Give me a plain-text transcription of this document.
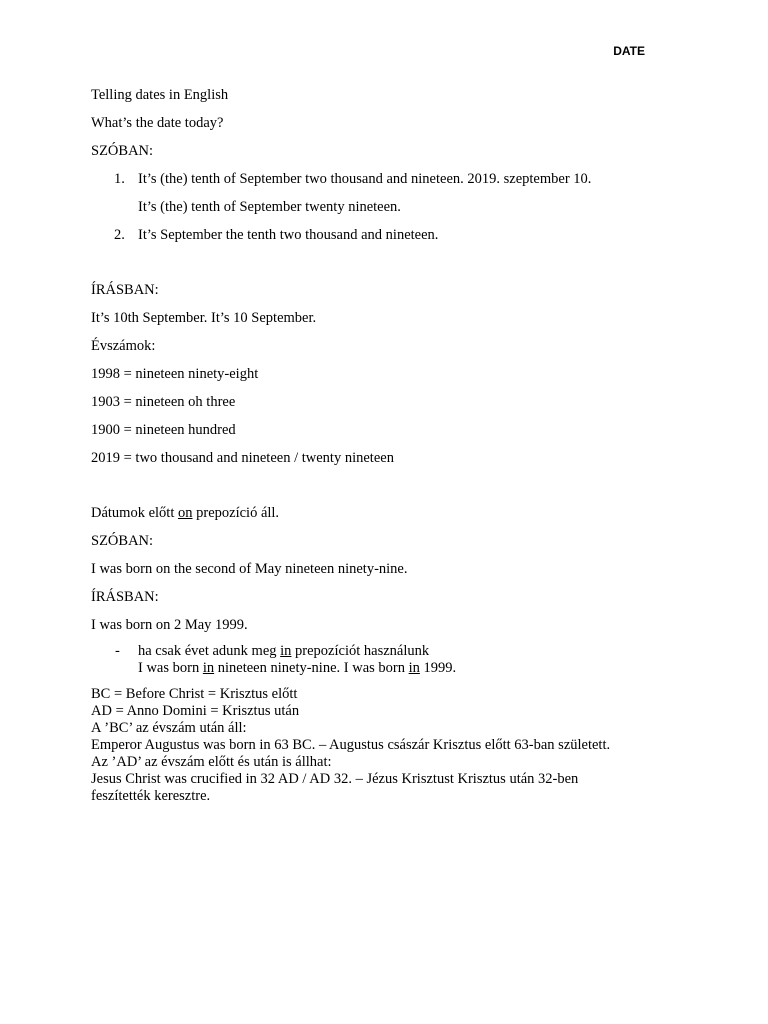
DATE

Telling dates in English

What’s the date today?

SZÓBAN:

1. It’s (the) tenth of September two thousand and nineteen. 2019. szeptember 10.

It’s (the) tenth of September twenty nineteen.

2. It’s September the tenth two thousand and nineteen.

ÍRÁSBAN:

It’s 10th September. It’s 10 September.

Évszámok:

1998 = nineteen ninety-eight

1903 = nineteen oh three

1900 = nineteen hundred

2019 = two thousand and nineteen / twenty nineteen

Dátumok előtt on prepozíció áll.

SZÓBAN:

I was born on the second of May nineteen ninety-nine.

ÍRÁSBAN:

I was born on 2 May 1999.

- ha csak évet adunk meg in prepozíciót használunk

I was born in nineteen ninety-nine. I was born in 1999.

BC = Before Christ = Krisztus előtt

AD = Anno Domini = Krisztus után

A ’BC’ az évszám után áll:

Emperor Augustus was born in 63 BC. – Augustus császár Krisztus előtt 63-ban született.

Az ’AD’ az évszám előtt és után is állhat:

Jesus Christ was crucified in 32 AD / AD 32. – Jézus Krisztust Krisztus után 32-ben

feszítették keresztre.
